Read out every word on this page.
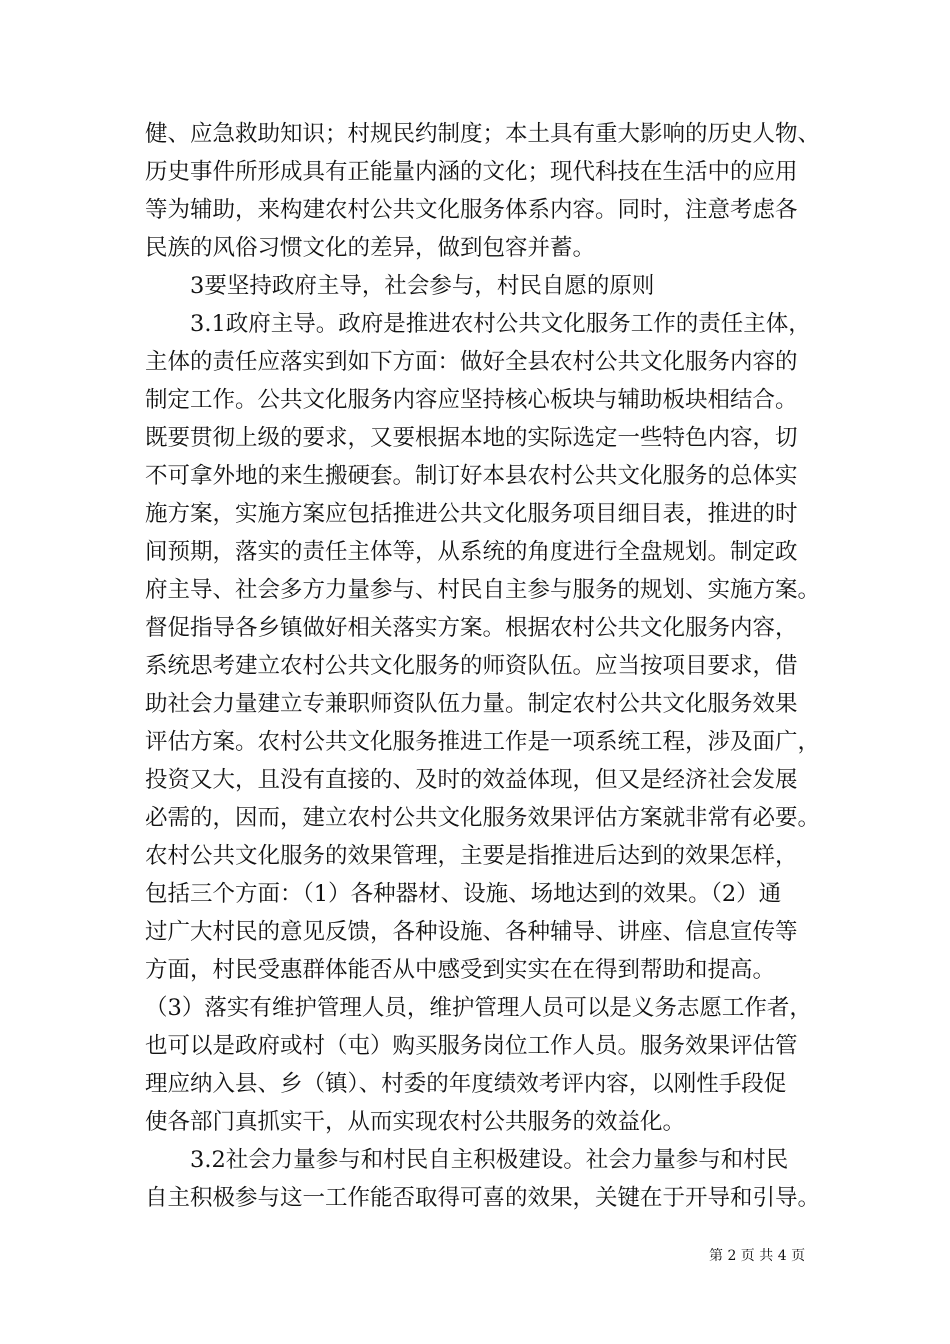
健、应急救助知识；村规民约制度；本土具有重大影响的历史人物、
历史事件所形成具有正能量内涵的文化；现代科技在生活中的应用
等为辅助，来构建农村公共文化服务体系内容。同时，注意考虑各
民族的风俗习惯文化的差异，做到包容并蓄。
3要坚持政府主导，社会参与，村民自愿的原则
3.1政府主导。政府是推进农村公共文化服务工作的责任主体，
主体的责任应落实到如下方面：做好全县农村公共文化服务内容的
制定工作。公共文化服务内容应坚持核心板块与辅助板块相结合。
既要贯彻上级的要求，又要根据本地的实际选定一些特色内容，切
不可拿外地的来生搬硬套。制订好本县农村公共文化服务的总体实
施方案，实施方案应包括推进公共文化服务项目细目表，推进的时
间预期，落实的责任主体等，从系统的角度进行全盘规划。制定政
府主导、社会多方力量参与、村民自主参与服务的规划、实施方案。
督促指导各乡镇做好相关落实方案。根据农村公共文化服务内容，
系统思考建立农村公共文化服务的师资队伍。应当按项目要求，借
助社会力量建立专兼职师资队伍力量。制定农村公共文化服务效果
评估方案。农村公共文化服务推进工作是一项系统工程，涉及面广，
投资又大，且没有直接的、及时的效益体现，但又是经济社会发展
必需的，因而，建立农村公共文化服务效果评估方案就非常有必要。
农村公共文化服务的效果管理，主要是指推进后达到的效果怎样，
包括三个方面：（1）各种器材、设施、场地达到的效果。（2）通
过广大村民的意见反馈，各种设施、各种辅导、讲座、信息宣传等
方面，村民受惠群体能否从中感受到实实在在得到帮助和提高。
（3）落实有维护管理人员，维护管理人员可以是义务志愿工作者，
也可以是政府或村（屯）购买服务岗位工作人员。服务效果评估管
理应纳入县、乡（镇）、村委的年度绩效考评内容，以刚性手段促
使各部门真抓实干，从而实现农村公共服务的效益化。
3.2社会力量参与和村民自主积极建设。社会力量参与和村民
自主积极参与这一工作能否取得可喜的效果，关键在于开导和引导。
第 2 页 共 4 页
